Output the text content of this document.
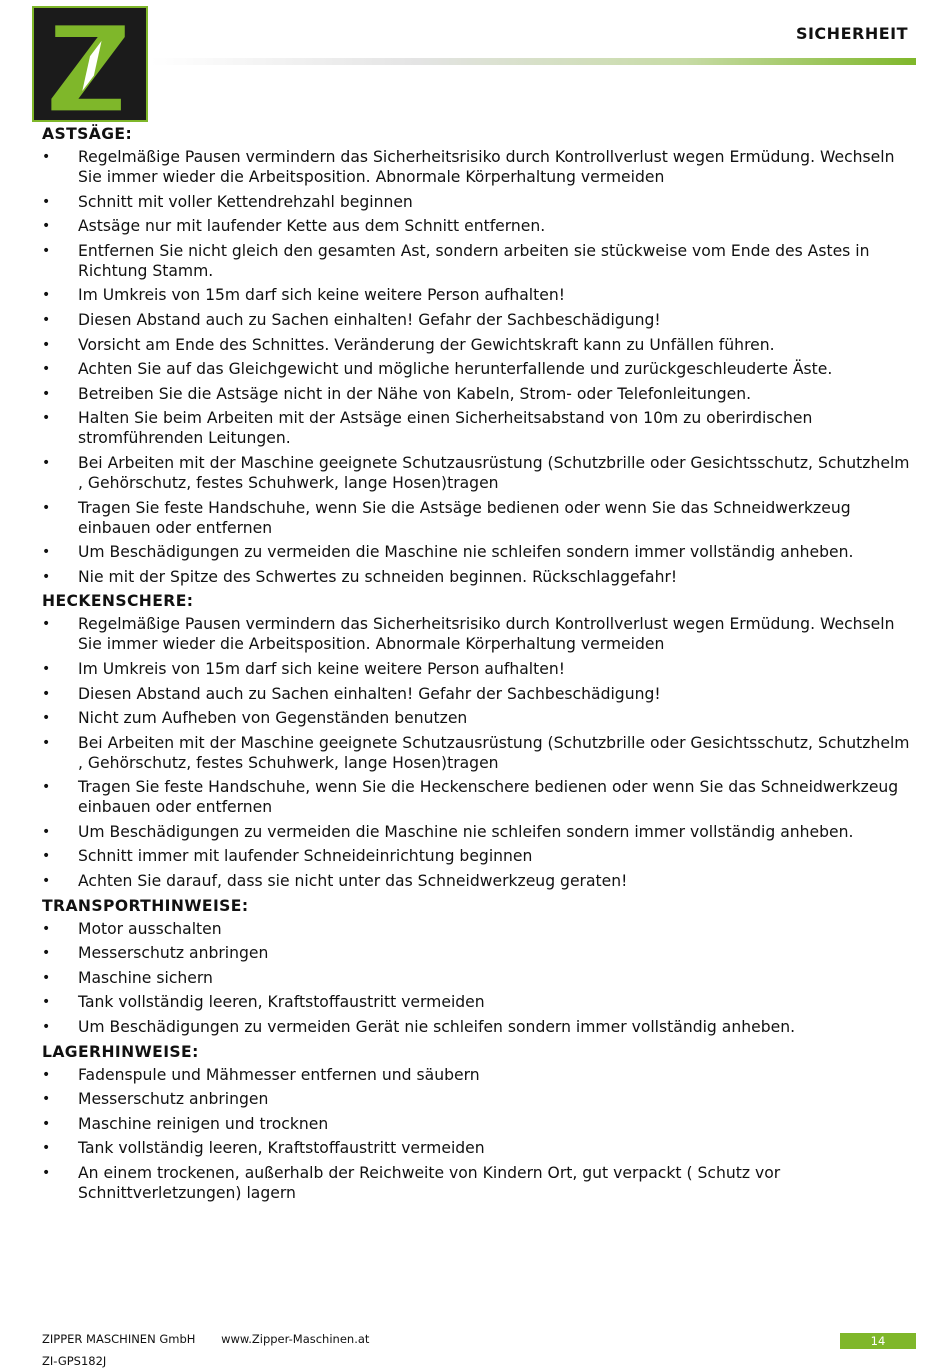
SICHERHEIT
ASTSÄGE:
• Regelmäßige Pausen vermindern das Sicherheitsrisiko durch Kontrollverlust wegen Ermüdung. Wechseln Sie immer wieder die Arbeitsposition. Abnormale Körperhaltung vermeiden
• Schnitt mit voller Kettendrehzahl beginnen
• Astsäge nur mit laufender Kette aus dem Schnitt entfernen.
• Entfernen Sie nicht gleich den gesamten Ast, sondern arbeiten sie stückweise vom Ende des Astes in Richtung Stamm.
• Im Umkreis von 15m darf sich keine weitere Person aufhalten!
• Diesen Abstand auch zu Sachen einhalten! Gefahr der Sachbeschädigung!
• Vorsicht am Ende des Schnittes. Veränderung der Gewichtskraft kann zu Unfällen führen.
• Achten Sie auf das Gleichgewicht und mögliche herunterfallende und zurückgeschleuderte Äste.
• Betreiben Sie die Astsäge nicht in der Nähe von Kabeln, Strom- oder Telefonleitungen.
• Halten Sie beim Arbeiten mit der Astsäge einen Sicherheitsabstand von 10m zu oberirdischen stromführenden Leitungen.
• Bei Arbeiten mit der Maschine geeignete Schutzausrüstung (Schutzbrille oder Gesichtsschutz, Schutzhelm , Gehörschutz, festes Schuhwerk, lange Hosen)tragen
• Tragen Sie feste Handschuhe, wenn Sie die Astsäge bedienen oder wenn Sie das Schneidwerkzeug einbauen oder entfernen
• Um Beschädigungen zu vermeiden die Maschine nie schleifen sondern immer vollständig anheben.
• Nie mit der Spitze des Schwertes zu schneiden beginnen. Rückschlaggefahr!
HECKENSCHERE:
• Regelmäßige Pausen vermindern das Sicherheitsrisiko durch Kontrollverlust wegen Ermüdung. Wechseln Sie immer wieder die Arbeitsposition. Abnormale Körperhaltung vermeiden
• Im Umkreis von 15m darf sich keine weitere Person aufhalten!
• Diesen Abstand auch zu Sachen einhalten! Gefahr der Sachbeschädigung!
• Nicht zum Aufheben von Gegenständen benutzen
• Bei Arbeiten mit der Maschine geeignete Schutzausrüstung (Schutzbrille oder Gesichtsschutz, Schutzhelm , Gehörschutz, festes Schuhwerk, lange Hosen)tragen
• Tragen Sie feste Handschuhe, wenn Sie die Heckenschere bedienen oder wenn Sie das Schneidwerkzeug einbauen oder entfernen
• Um Beschädigungen zu vermeiden die Maschine nie schleifen sondern immer vollständig anheben.
• Schnitt immer mit laufender Schneideinrichtung beginnen
• Achten Sie darauf, dass sie nicht unter das Schneidwerkzeug geraten!
TRANSPORTHINWEISE:
• Motor ausschalten
• Messerschutz anbringen
• Maschine sichern
• Tank vollständig leeren, Kraftstoffaustritt vermeiden
• Um Beschädigungen zu vermeiden Gerät nie schleifen sondern immer vollständig anheben.
LAGERHINWEISE:
• Fadenspule und Mähmesser entfernen und säubern
• Messerschutz anbringen
• Maschine reinigen und trocknen
• Tank vollständig leeren, Kraftstoffaustritt vermeiden
• An einem trockenen, außerhalb der Reichweite von Kindern Ort, gut verpackt ( Schutz vor Schnittverletzungen) lagern
ZIPPER MASCHINEN GmbH www.Zipper-Maschinen.at	14
ZI-GPS182J
